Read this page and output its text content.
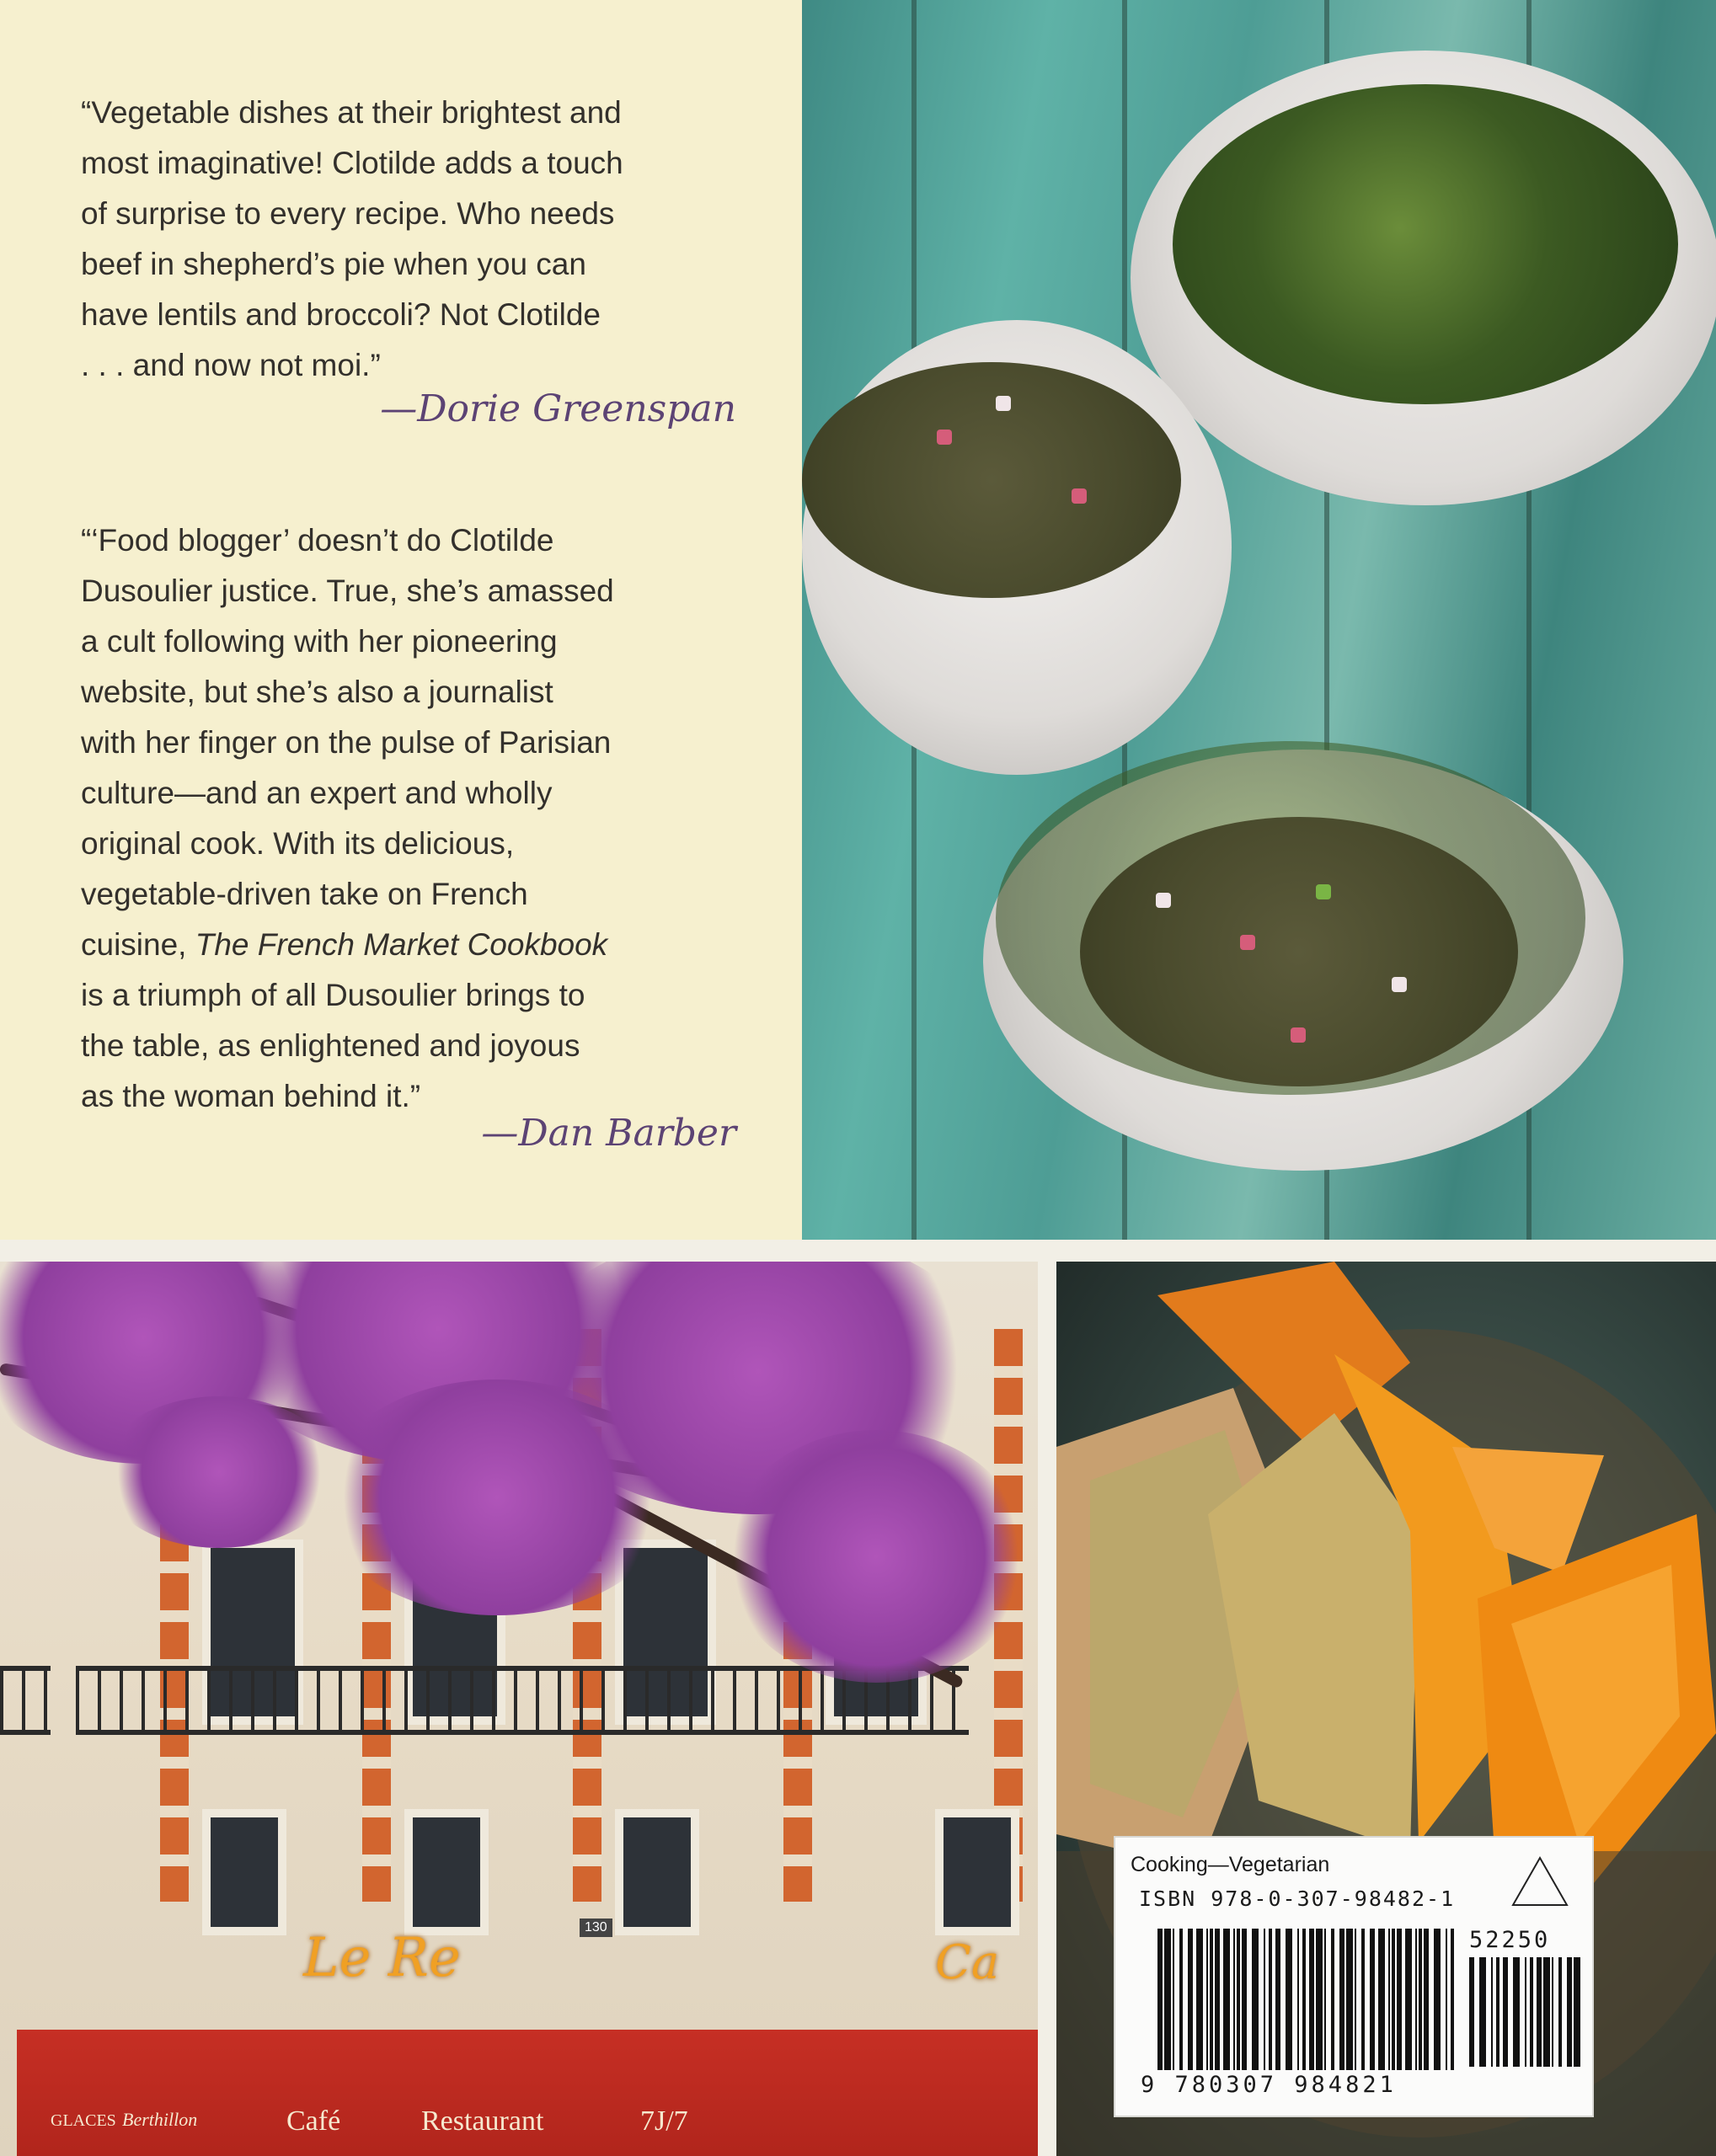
“Vegetable dishes at their brightest and
most imaginative! Clotilde adds a touch
of surprise to every recipe. Who needs
beef in shepherd’s pie when you can
have lentils and broccoli? Not Clotilde
. . . and now not moi.”

—Dorie Greenspan

“‘Food blogger’ doesn’t do Clotilde
Dusoulier justice. True, she’s amassed
a cult following with her pioneering
website, but she’s also a journalist
with her finger on the pulse of Parisian
culture—and an expert and wholly
original cook. With its delicious,
vegetable-driven take on French
cuisine, The French Market Cookbook
is a triumph of all Dusoulier brings to
the table, as enlightened and joyous
as the woman behind it.”

—Dan Barber
Le Re	Ca
130
GLACES Berthillon	Café	Restaurant	7J/7
Cooking—Vegetarian
ISBN 978-0-307-98482-1
52250
9 780307 984821
